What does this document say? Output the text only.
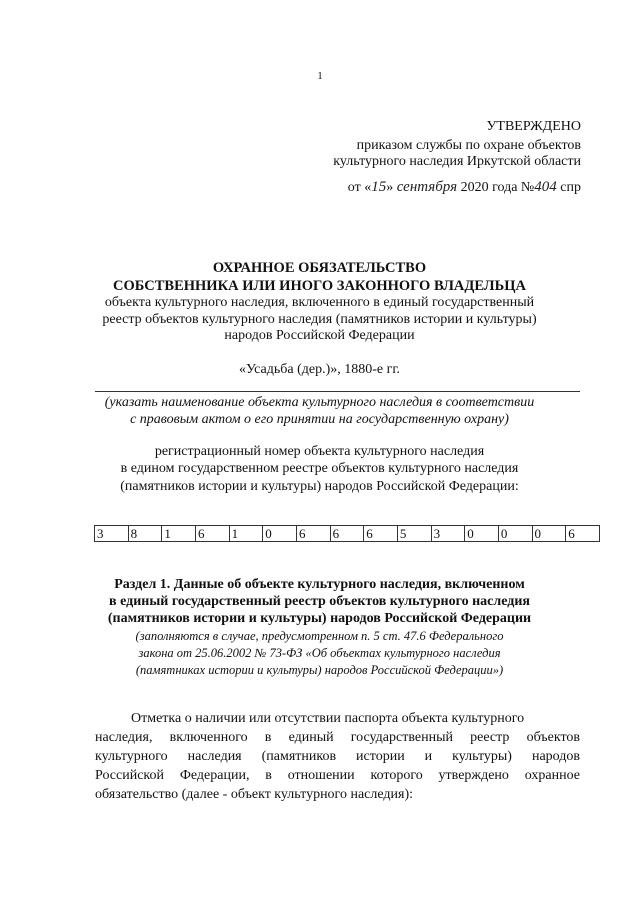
1
УТВЕРЖДЕНО
приказом службы по охране объектов
культурного наследия Иркутской области
от «15» сентября 2020 года №404 спр
ОХРАННОЕ ОБЯЗАТЕЛЬСТВО
СОБСТВЕННИКА ИЛИ ИНОГО ЗАКОННОГО ВЛАДЕЛЬЦА
объекта культурного наследия, включенного в единый государственный
реестр объектов культурного наследия (памятников истории и культуры)
народов Российской Федерации
«Усадьба (дер.)», 1880-е гг.
(указать наименование объекта культурного наследия в соответствии
с правовым актом о его принятии на государственную охрану)
регистрационный номер объекта культурного наследия
в едином государственном реестре объектов культурного наследия
(памятников истории и культуры) народов Российской Федерации:
3	8	1	6	1	0	6	6	6	5	3	0	0	0	6
Раздел 1. Данные об объекте культурного наследия, включенном
в единый государственный реестр объектов культурного наследия
(памятников истории и культуры) народов Российской Федерации
(заполняются в случае, предусмотренном п. 5 ст. 47.6 Федерального
закона от 25.06.2002 № 73-ФЗ «Об объектах культурного наследия
(памятниках истории и культуры) народов Российской Федерации»)
Отметка о наличии или отсутствии паспорта объекта культурного
наследия, включенного в единый государственный реестр объектов
культурного наследия (памятников истории и культуры) народов
Российской Федерации, в отношении которого утверждено охранное
обязательство (далее - объект культурного наследия):
